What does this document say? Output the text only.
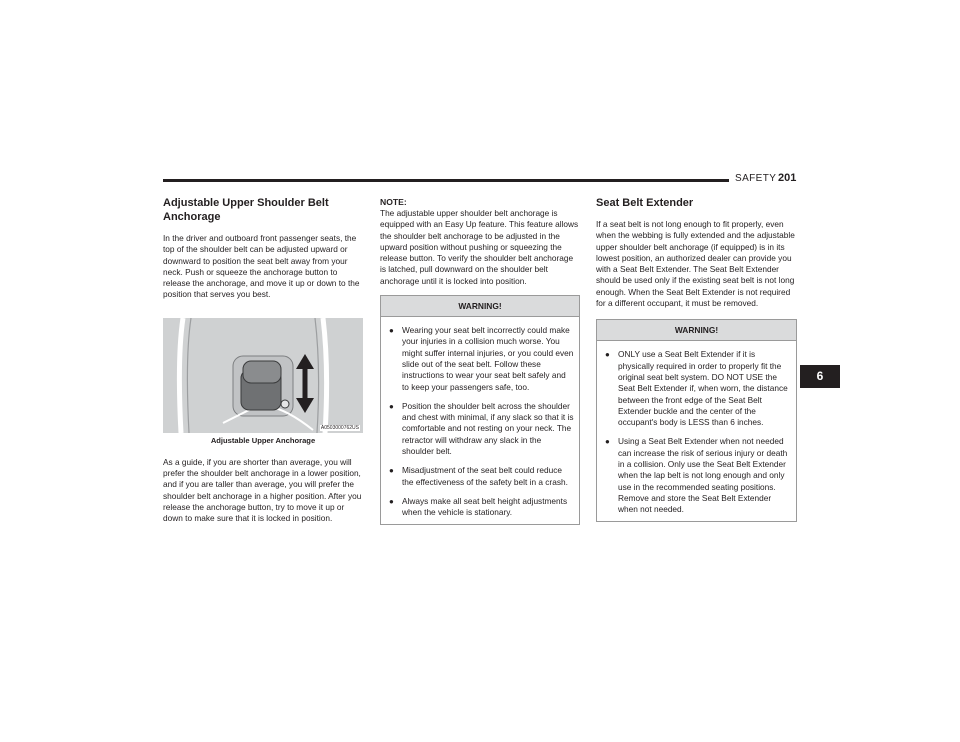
SAFETY 201
Adjustable Upper Shoulder Belt Anchorage

In the driver and outboard front passenger seats, the top of the shoulder belt can be adjusted upward or downward to position the seat belt away from your neck. Push or squeeze the anchorage button to release the anchorage, and move it up or down to the position that serves you best.

A0503000762US
Adjustable Upper Anchorage

As a guide, if you are shorter than average, you will prefer the shoulder belt anchorage in a lower position, and if you are taller than average, you will prefer the shoulder belt anchorage in a higher position. After you release the anchorage button, try to move it up or down to make sure that it is locked in position.

NOTE:

The adjustable upper shoulder belt anchorage is equipped with an Easy Up feature. This feature allows the shoulder belt anchorage to be adjusted in the upward position without pushing or squeezing the release button. To verify the shoulder belt anchorage is latched, pull downward on the shoulder belt anchorage until it is locked into position.

WARNING!
● Wearing your seat belt incorrectly could make your injuries in a collision much worse. You might suffer internal injuries, or you could even slide out of the seat belt. Follow these instructions to wear your seat belt safely and to keep your passengers safe, too.
● Position the shoulder belt across the shoulder and chest with minimal, if any slack so that it is comfortable and not resting on your neck. The retractor will withdraw any slack in the shoulder belt.
● Misadjustment of the seat belt could reduce the effectiveness of the safety belt in a crash.
● Always make all seat belt height adjustments when the vehicle is stationary.
Seat Belt Extender

If a seat belt is not long enough to fit properly, even when the webbing is fully extended and the adjustable upper shoulder belt anchorage (if equipped) is in its lowest position, an authorized dealer can provide you with a Seat Belt Extender. The Seat Belt Extender should be used only if the existing seat belt is not long enough. When the Seat Belt Extender is not required for a different occupant, it must be removed.

WARNING!
● ONLY use a Seat Belt Extender if it is physically required in order to properly fit the original seat belt system. DO NOT USE the Seat Belt Extender if, when worn, the distance between the front edge of the Seat Belt Extender buckle and the center of the occupant's body is LESS than 6 inches.
● Using a Seat Belt Extender when not needed can increase the risk of serious injury or death in a collision. Only use the Seat Belt Extender when the lap belt is not long enough and only use in the recommended seating positions. Remove and store the Seat Belt Extender when not needed.
6
